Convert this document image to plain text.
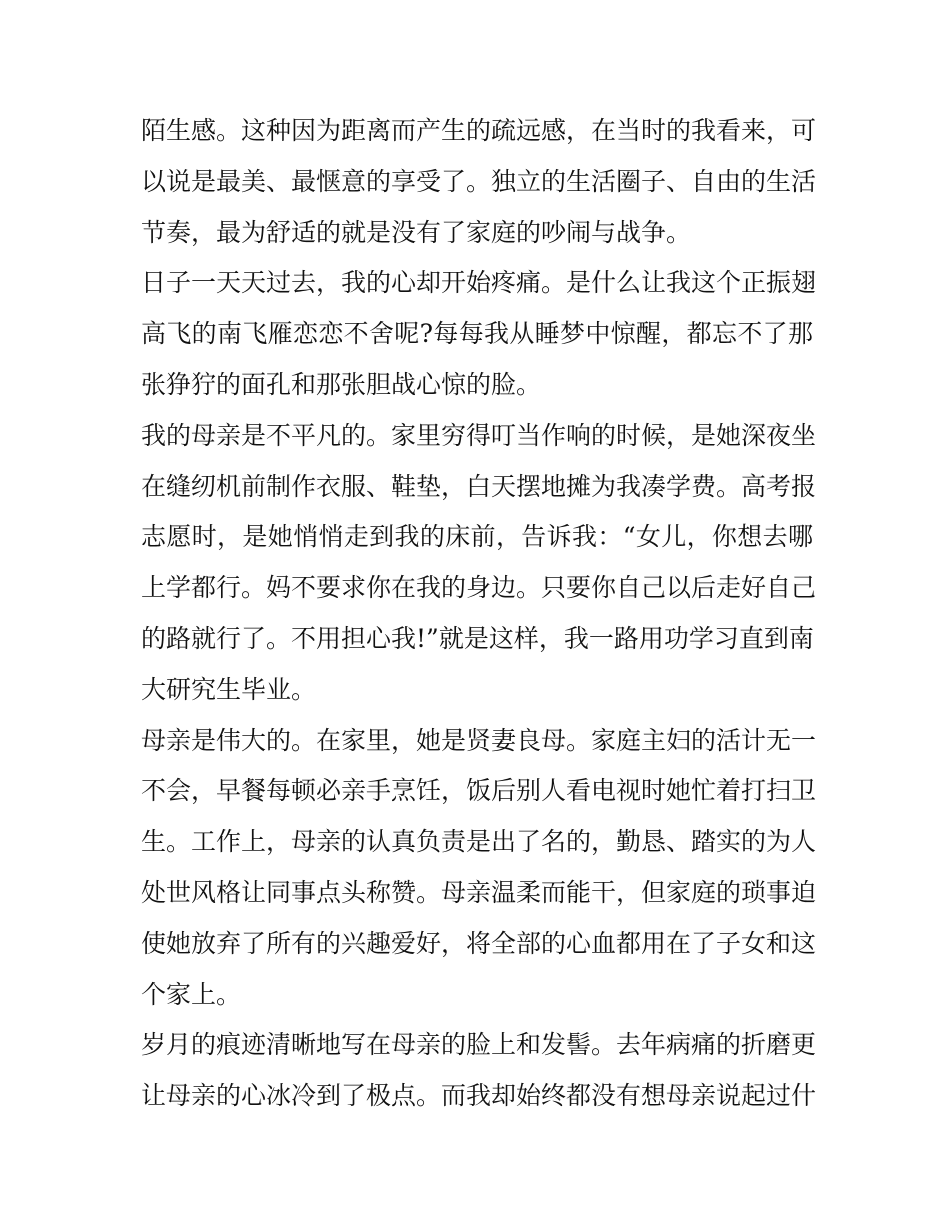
陌生感。这种因为距离而产生的疏远感，在当时的我看来，可
以说是最美、最惬意的享受了。独立的生活圈子、自由的生活
节奏，最为舒适的就是没有了家庭的吵闹与战争。

日子一天天过去，我的心却开始疼痛。是什么让我这个正振翅
高飞的南飞雁恋恋不舍呢?每每我从睡梦中惊醒，都忘不了那
张狰狞的面孔和那张胆战心惊的脸。

我的母亲是不平凡的。家里穷得叮当作响的时候，是她深夜坐
在缝纫机前制作衣服、鞋垫，白天摆地摊为我凑学费。高考报
志愿时，是她悄悄走到我的床前，告诉我：“女儿，你想去哪
上学都行。妈不要求你在我的身边。只要你自己以后走好自己
的路就行了。不用担心我!”就是这样，我一路用功学习直到南
大研究生毕业。

母亲是伟大的。在家里，她是贤妻良母。家庭主妇的活计无一
不会，早餐每顿必亲手烹饪，饭后别人看电视时她忙着打扫卫
生。工作上，母亲的认真负责是出了名的，勤恳、踏实的为人
处世风格让同事点头称赞。母亲温柔而能干，但家庭的琐事迫
使她放弃了所有的兴趣爱好，将全部的心血都用在了子女和这
个家上。

岁月的痕迹清晰地写在母亲的脸上和发髻。去年病痛的折磨更
让母亲的心冰冷到了极点。而我却始终都没有想母亲说起过什
